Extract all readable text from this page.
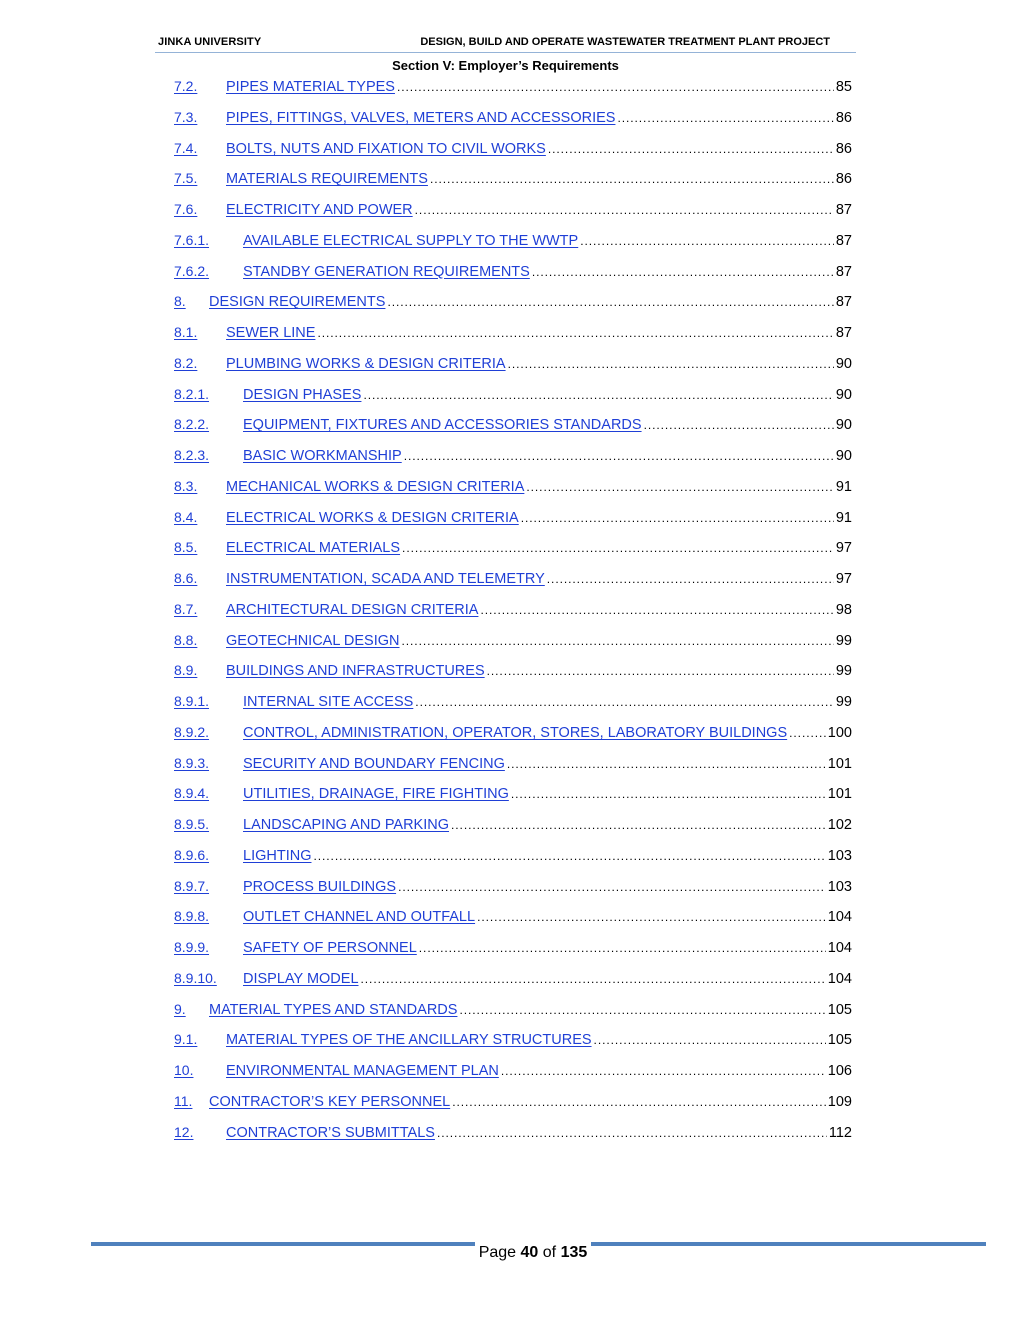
JINKA UNIVERSITY	DESIGN, BUILD AND OPERATE WASTEWATER TREATMENT PLANT PROJECT
Section V: Employer’s Requirements
7.2.	PIPES MATERIAL TYPES . . .	85
7.3.	PIPES, FITTINGS, VALVES, METERS AND ACCESSORIES . . .	86
7.4.	BOLTS, NUTS AND FIXATION TO CIVIL WORKS . . .	86
7.5.	MATERIALS REQUIREMENTS . . .	86
7.6.	ELECTRICITY AND POWER . . .	87
7.6.1.	AVAILABLE ELECTRICAL SUPPLY TO THE WWTP . . .	87
7.6.2.	STANDBY GENERATION REQUIREMENTS . . .	87
8.	DESIGN REQUIREMENTS . . .	87
8.1.	SEWER LINE . . .	87
8.2.	PLUMBING WORKS & DESIGN CRITERIA . . .	90
8.2.1.	DESIGN PHASES . . .	90
8.2.2.	EQUIPMENT, FIXTURES AND ACCESSORIES STANDARDS . . .	90
8.2.3.	BASIC WORKMANSHIP . . .	90
8.3.	MECHANICAL WORKS & DESIGN CRITERIA . . .	91
8.4.	ELECTRICAL WORKS & DESIGN CRITERIA . . .	91
8.5.	ELECTRICAL MATERIALS . . .	97
8.6.	INSTRUMENTATION, SCADA AND TELEMETRY . . .	97
8.7.	ARCHITECTURAL DESIGN CRITERIA . . .	98
8.8.	GEOTECHNICAL DESIGN . . .	99
8.9.	BUILDINGS AND INFRASTRUCTURES . . .	99
8.9.1.	INTERNAL SITE ACCESS . . .	99
8.9.2.	CONTROL, ADMINISTRATION, OPERATOR, STORES, LABORATORY BUILDINGS . . .	100
8.9.3.	SECURITY AND BOUNDARY FENCING . . .	101
8.9.4.	UTILITIES, DRAINAGE, FIRE FIGHTING . . .	101
8.9.5.	LANDSCAPING AND PARKING . . .	102
8.9.6.	LIGHTING . . .	103
8.9.7.	PROCESS BUILDINGS . . .	103
8.9.8.	OUTLET CHANNEL AND OUTFALL . . .	104
8.9.9.	SAFETY OF PERSONNEL . . .	104
8.9.10.	DISPLAY MODEL . . .	104
9.	MATERIAL TYPES AND STANDARDS . . .	105
9.1.	MATERIAL TYPES OF THE ANCILLARY STRUCTURES . . .	105
10.	ENVIRONMENTAL MANAGEMENT PLAN . . .	106
11.	CONTRACTOR’S KEY PERSONNEL . . .	109
12.	CONTRACTOR’S SUBMITTALS . . .	112
Page 40 of 135
